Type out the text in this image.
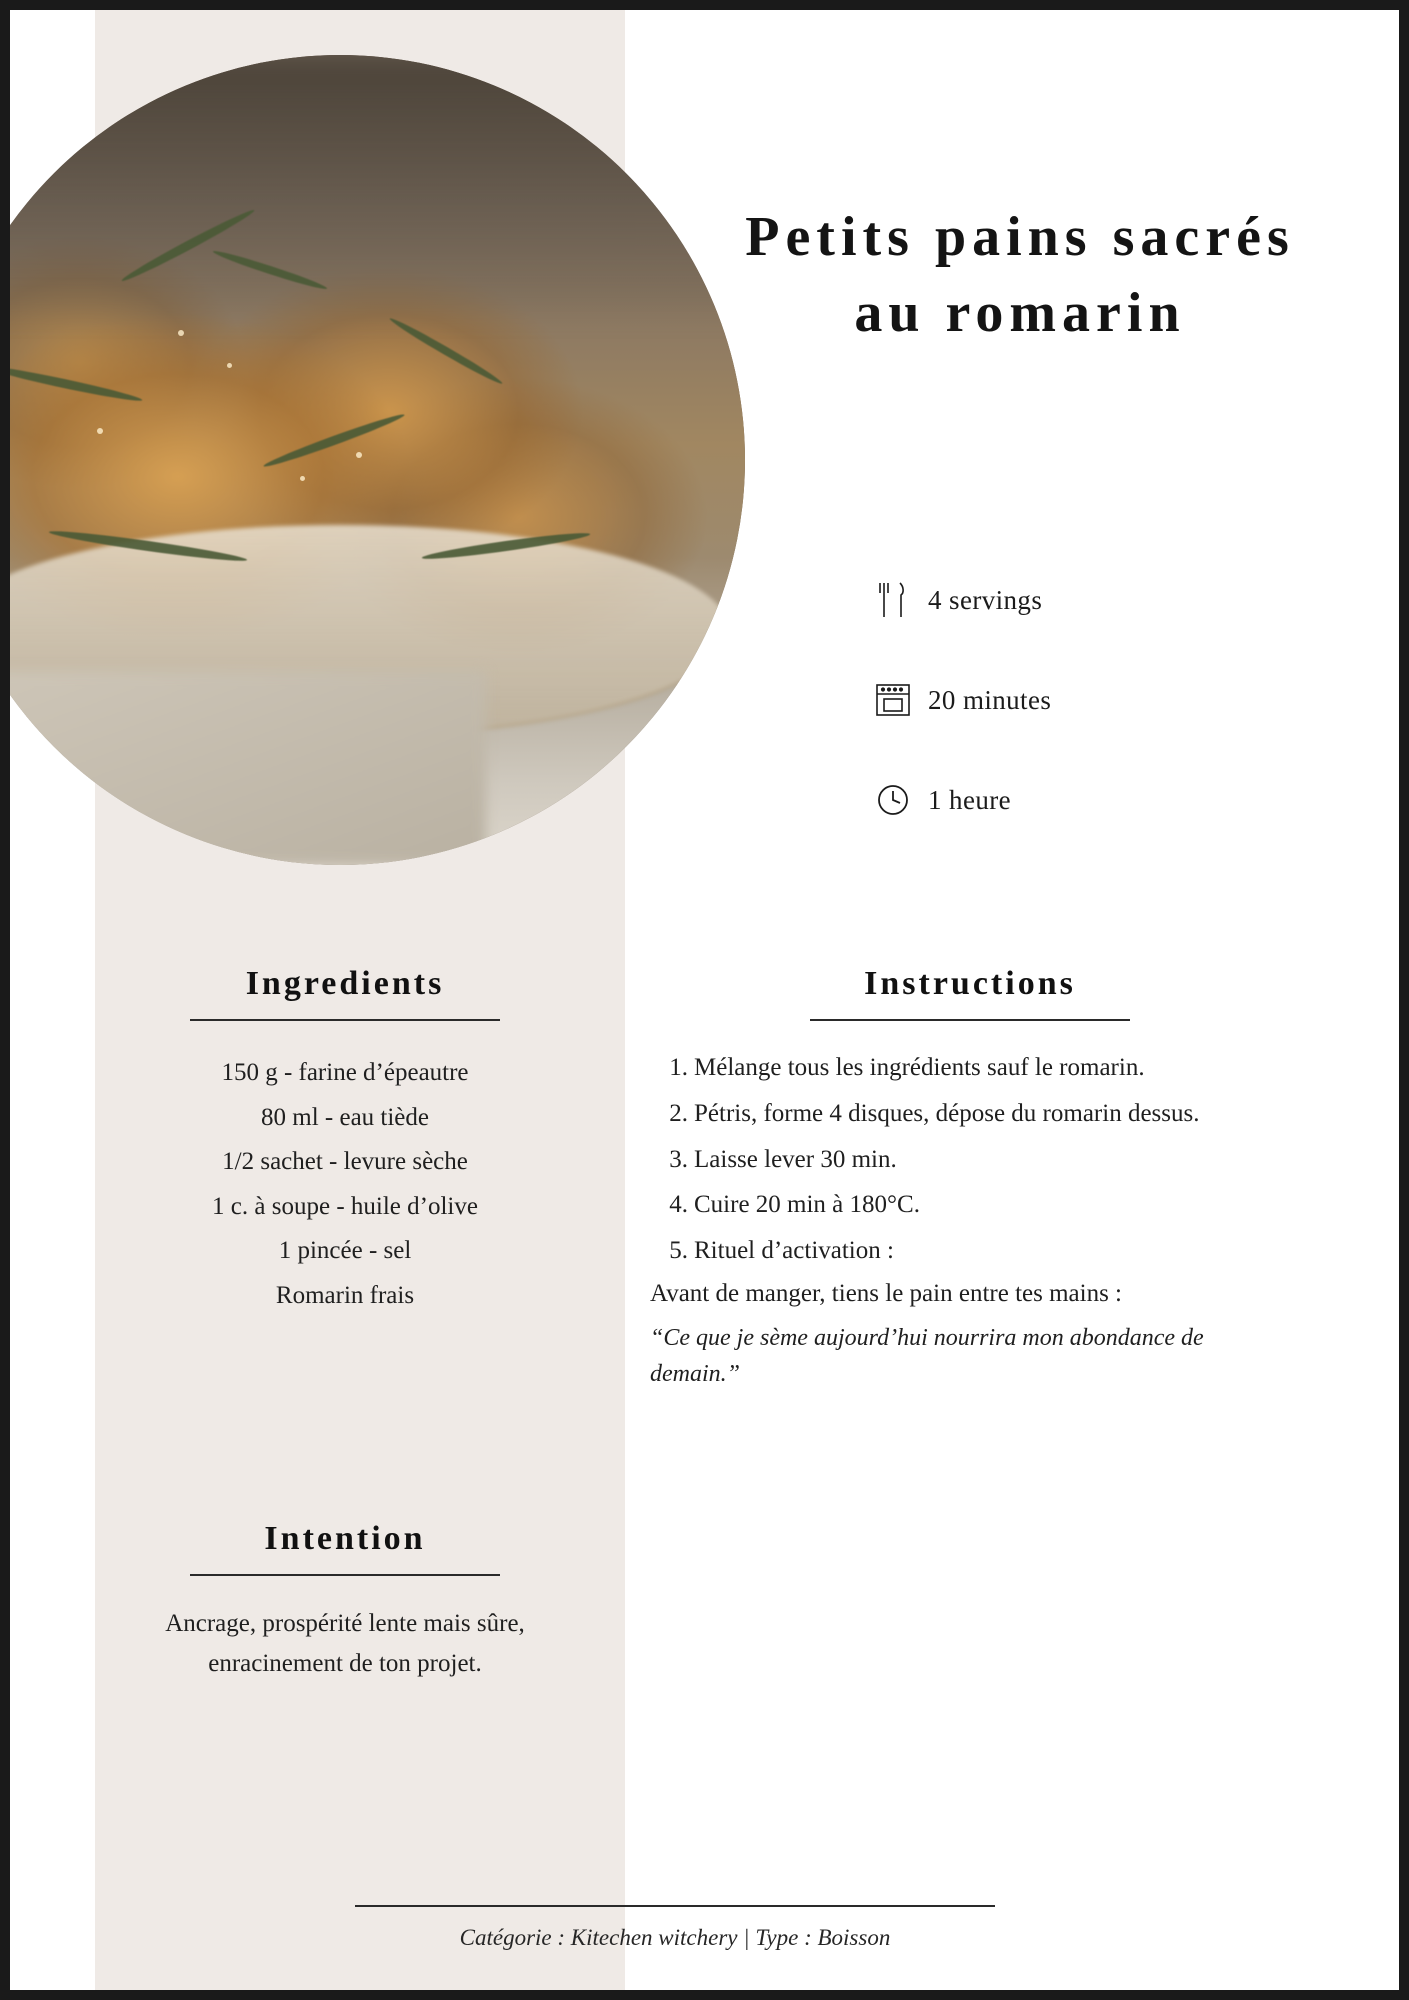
Petits pains sacrés au romarin
4 servings
20 minutes
1 heure
Ingredients
150 g - farine d’épeautre
80 ml - eau tiède
1/2 sachet - levure sèche
1 c. à soupe - huile d’olive
1 pincée - sel
Romarin frais
Intention
Ancrage, prospérité lente mais sûre, enracinement de ton projet.
Instructions
1. Mélange tous les ingrédients sauf le romarin.
2. Pétris, forme 4 disques, dépose du romarin dessus.
3. Laisse lever 30 min.
4. Cuire 20 min à 180°C.
5. Rituel d’activation :
Avant de manger, tiens le pain entre tes mains :
“Ce que je sème aujourd’hui nourrira mon abondance de demain.”
Catégorie : Kitechen witchery | Type : Boisson
